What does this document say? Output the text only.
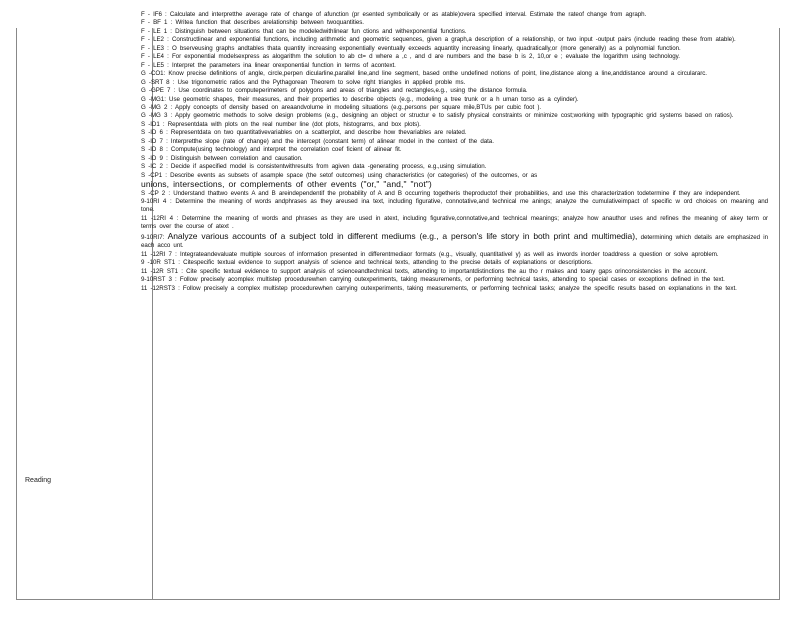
Reading
F - IF6 : Calculate and interpretthe average rate of change of afunction (pr esented symbolically or as atable)overa specified interval. Estimate the rateof change from agraph.
F - BF 1 : Writea function that describes arelationship between twoquantities.
F - LE 1 : Distinguish between situations that can be modeledwithlinear fun ctions and withexponential functions.
F - LE2 : Constructlinear and exponential functions, including arithmetic and geometric sequences, given a graph,a description of a relationship, or two input -output pairs (include reading these from atable).
F - LE3 : O bserveusing graphs andtables thata quantity increasing exponentially eventually exceeds aquantity increasing linearly, quadratically,or (more generally) as a polynomial function.
F - LE4 : For exponential modelsexpress as alogarithm the solution to ab ct= d where a ,c , and d are numbers and the base b is 2, 10,or e ; evaluate the logarithm using technology.
F - LE5 : Interpret the parameters ina linear orexponential function in terms of acontext.
G -CO1: Know precise definitions of angle, circle,perpen dicularline,parallel line,and line segment, based onthe undefined notions of point, line,distance along a line,anddistance around a circulararc.
G -SRT 8 : Use trigonometric ratios and the Pythagorean Theorem to solve right triangles in applied proble ms.
G -GPE 7 : Use coordinates to computeperimeters of polygons and areas of triangles and rectangles,e.g., using the distance formula.
G -MG1: Use geometric shapes, their measures, and their properties to describe objects (e.g., modeling a tree trunk or a h uman torso as a cylinder).
G -MG 2 : Apply concepts of density based on areaandvolume in modeling situations (e.g.,persons per square mile,BTUs per cubic foot ).
G -MG 3 : Apply geometric methods to solve design problems (e.g., designing an object or structur e to satisfy physical constraints or minimize cost;working with typographic grid systems based on ratios).
S -ID1 : Representdata with plots on the real number line (dot plots, histograms, and box plots).
S -ID 6 : Representdata on two quantitativevariables on a scatterplot, and describe how thevariables are related.
S -ID 7 : Interpretthe slope (rate of change) and the intercept (constant term) of alinear model in the context of the data.
S -ID 8 : Compute(using technology) and interpret the correlation coef ficient of alinear fit.
S -ID 9 : Distinguish between correlation and causation.
S -IC 2 : Decide if aspecified model is consistentwithresults from agiven data -generating process, e.g.,using simulation.
S -CP1 : Describe events as subsets of asample space (the setof outcomes) using characteristics (or categories) of the outcomes, or as
unions, intersections, or complements of other events ("or," "and," "not")
S -CP 2 : Understand thattwo events A and B areindependentif the probability of A and B occurring togetheris theproductof their probabilities, and use this characterization todetermine if they are independent.
9-10RI 4 : Determine the meaning of words andphrases as they areused ina text, including figurative, connotative,and technical me anings; analyze the cumulativeimpact of specific w ord choices on meaning and tone.
11 -12RI 4 : Determine the meaning of words and phrases as they are used in atext, including figurative,connotative,and technical meanings; analyze how anauthor uses and refines the meaning of akey term or terms over the course of atext .
9-10RI7: Analyze various accounts of a subject told in different mediums (e.g., a person's life story in both print and multimedia), determining which details are emphasized in each acco unt.
11 -12RI 7 : Integrateandevaluate multiple sources of information presented in differentmediaor formats (e.g., visually, quantitativel y) as well as inwords inorder toaddress a question or solve aproblem.
9 -10R ST1 : Citespecific textual evidence to support analysis of science and technical texts, attending to the precise details of explanations or descriptions.
11 -12R ST1 : Cite specific textual evidence to support analysis of scienceandtechnical texts, attending to importantdistinctions the au tho r makes and toany gaps orinconsistencies in the account.
9-10RST 3 : Follow precisely acomplex multistep procedurewhen carrying outexperiments, taking measurements, or performing technical tasks, attending to special cases or exceptions defined in the text.
11 -12RST3 : Follow precisely a complex multistep procedurewhen carrying outexperiments, taking measurements, or performing technical tasks; analyze the specific results based on explanations in the text.
